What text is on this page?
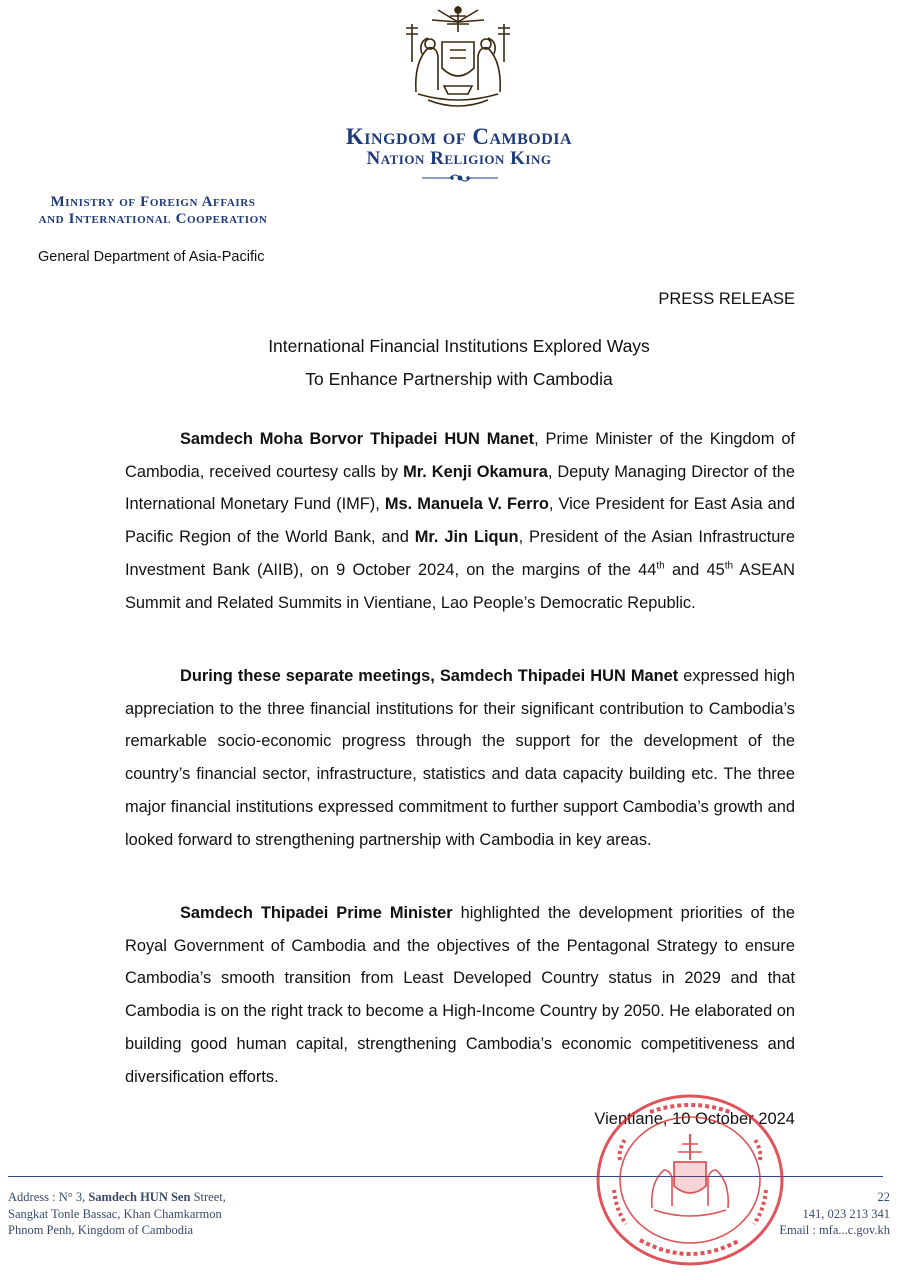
Kingdom of Cambodia
Nation Religion King
Ministry of Foreign Affairs
and International Cooperation
General Department of Asia-Pacific
PRESS RELEASE
International Financial Institutions Explored Ways
To Enhance Partnership with Cambodia

Samdech Moha Borvor Thipadei HUN Manet, Prime Minister of the Kingdom of Cambodia, received courtesy calls by Mr. Kenji Okamura, Deputy Managing Director of the International Monetary Fund (IMF), Ms. Manuela V. Ferro, Vice President for East Asia and Pacific Region of the World Bank, and Mr. Jin Liqun, President of the Asian Infrastructure Investment Bank (AIIB), on 9 October 2024, on the margins of the 44th and 45th ASEAN Summit and Related Summits in Vientiane, Lao People’s Democratic Republic.

During these separate meetings, Samdech Thipadei HUN Manet expressed high appreciation to the three financial institutions for their significant contribution to Cambodia’s remarkable socio-economic progress through the support for the development of the country’s financial sector, infrastructure, statistics and data capacity building etc. The three major financial institutions expressed commitment to further support Cambodia’s growth and looked forward to strengthening partnership with Cambodia in key areas.

Samdech Thipadei Prime Minister highlighted the development priorities of the Royal Government of Cambodia and the objectives of the Pentagonal Strategy to ensure Cambodia’s smooth transition from Least Developed Country status in 2029 and that Cambodia is on the right track to become a High-Income Country by 2050. He elaborated on building good human capital, strengthening Cambodia’s economic competitiveness and diversification efforts.

Vientiane, 10 October 2024
Address : N° 3, Samdech HUN Sen Street,
Sangkat Tonle Bassac, Khan Chamkarmon
Phnom Penh, Kingdom of Cambodia
22
141, 023 213 341
Email : mfa...c.gov.kh
